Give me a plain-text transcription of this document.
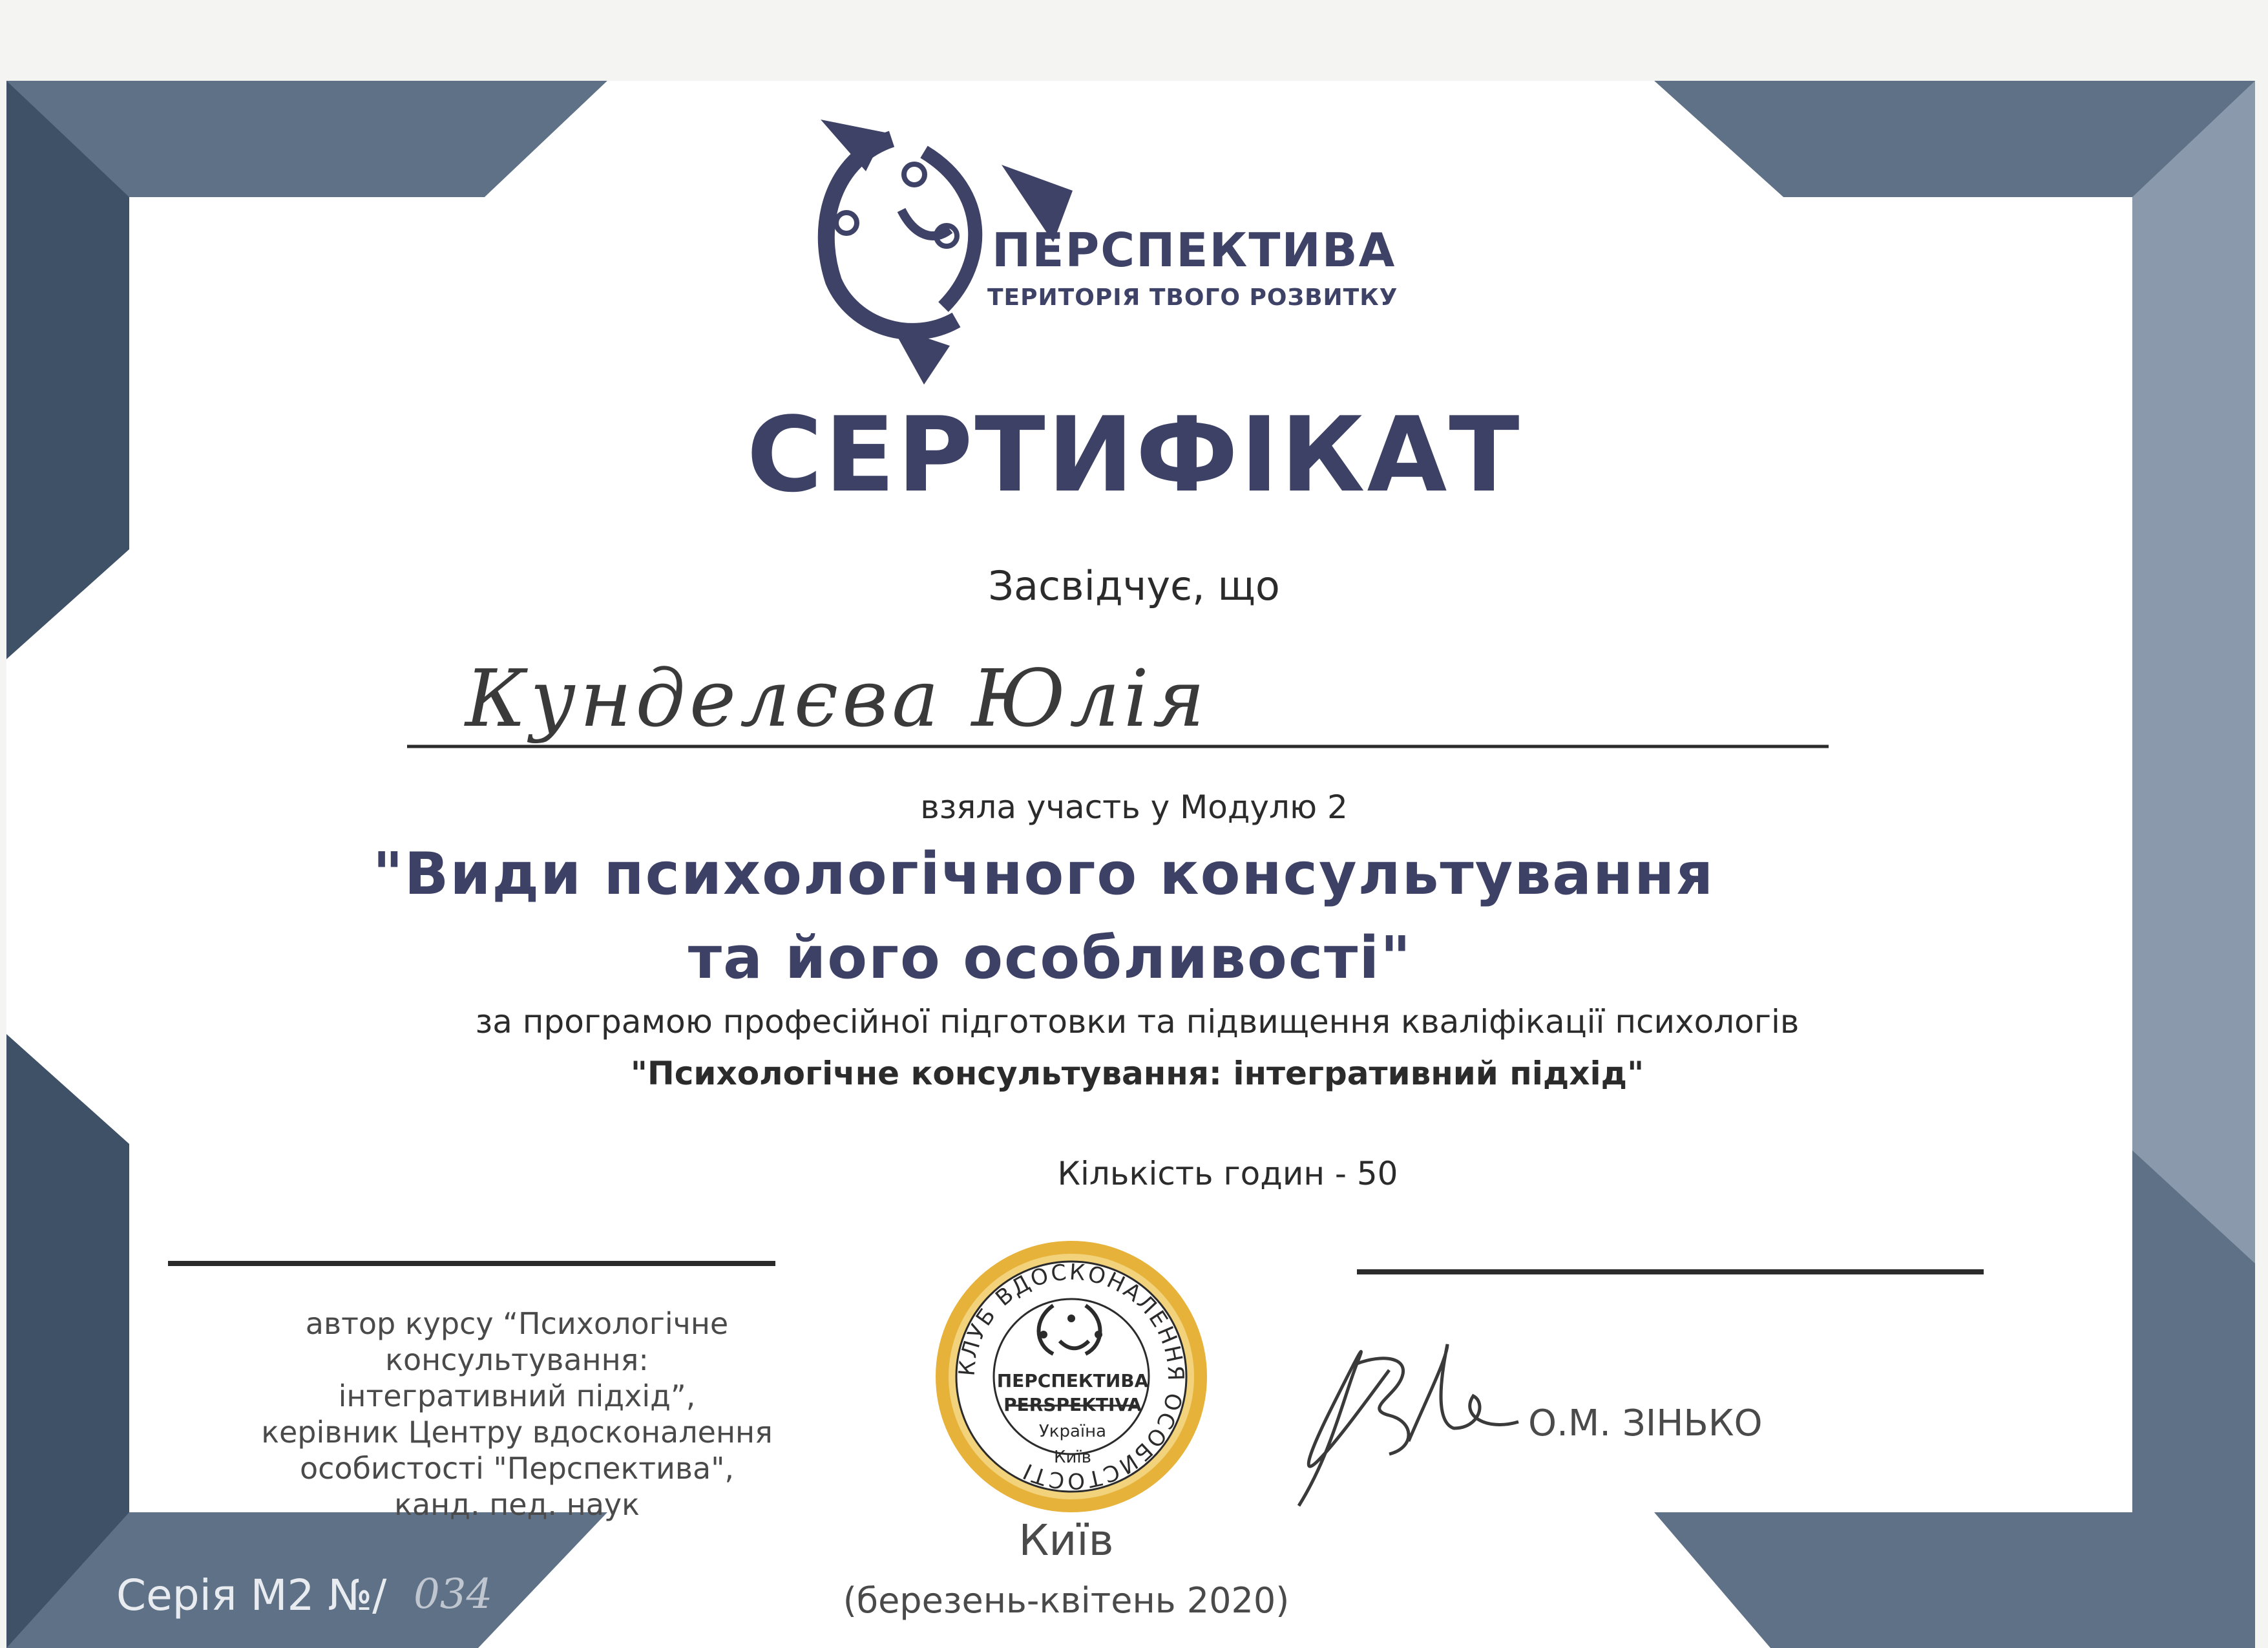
ПЕРСПЕКТИВА
PERSPEKTIVA
Україна
Київ
КЛУБ ВДОСКОНАЛЕННЯ ОСОБИСТОСТІ
ПЕРСПЕКТИВА
ТЕРИТОРІЯ ТВОГО РОЗВИТКУ
СЕРТИФІКАТ
Засвідчує, що
Кунделєва Юлія
взяла участь у Модулю 2
"Види психологічного консультування
та його особливості"
за програмою професійної підготовки та підвищення кваліфікації психологів
"Психологічне консультування: інтегративний підхід"
Кількість годин - 50
автор курсу “Психологічне
консультування:
інтегративний підхід”,
керівник Центру вдосконалення
особистості "Перспектива",
канд. пед. наук
О.М. ЗІНЬКО
Київ
(березень-квітень 2020)
Серія М2 №/ 034
